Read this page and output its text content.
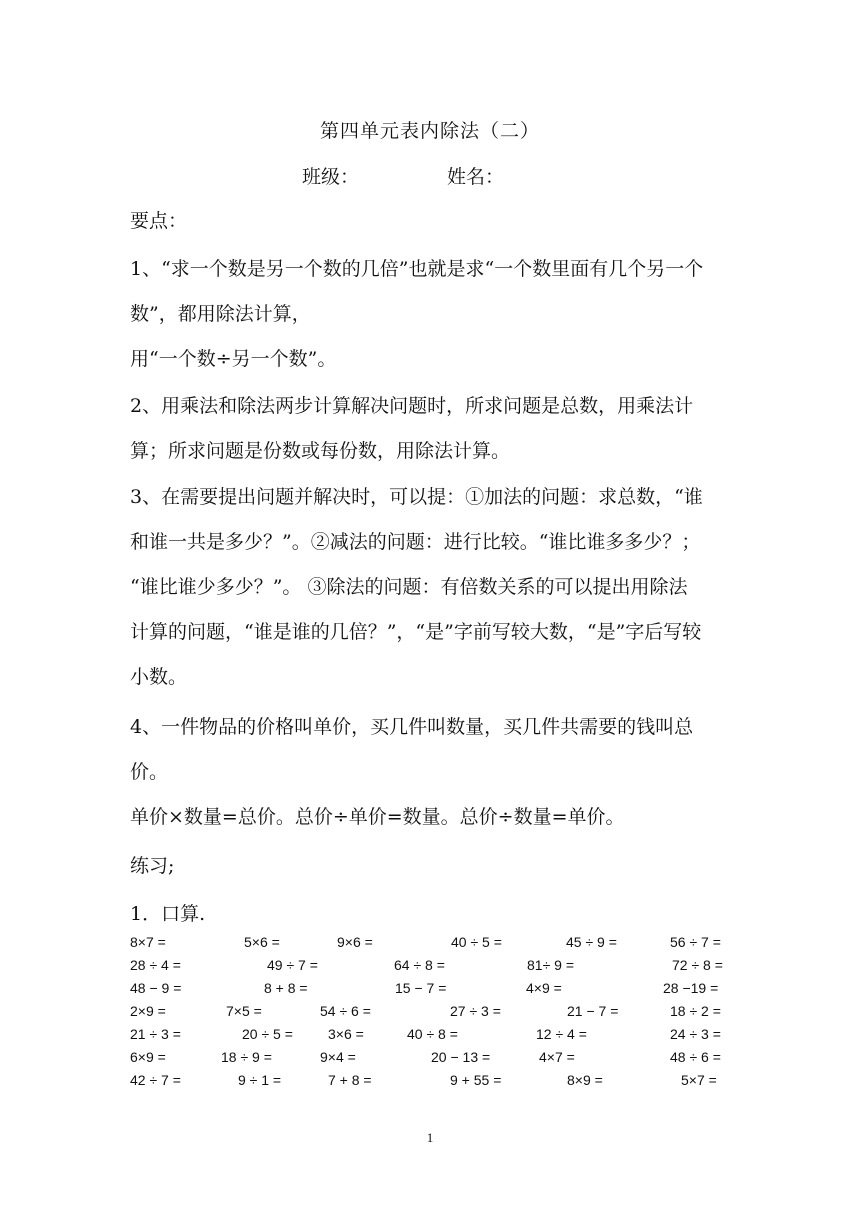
第四单元表内除法（二）
班级：	姓名：
要点：
1、“求一个数是另一个数的几倍”也就是求“一个数里面有几个另一个
数”，都用除法计算，
用“一个数÷另一个数”。
2、用乘法和除法两步计算解决问题时，所求问题是总数，用乘法计
算；所求问题是份数或每份数，用除法计算。
3、在需要提出问题并解决时，可以提：①加法的问题：求总数，“谁
和谁一共是多少？”。②减法的问题：进行比较。“谁比谁多多少？；
“谁比谁少多少？”。 ③除法的问题：有倍数关系的可以提出用除法
计算的问题，“谁是谁的几倍？”，“是”字前写较大数，“是”字后写较
小数。
4、一件物品的价格叫单价，买几件叫数量，买几件共需要的钱叫总
价。
单价×数量=总价。总价÷单价=数量。总价÷数量=单价。
练习;
1．口算.
8×7 =	5×6 =	9×6 =	40 ÷ 5 =	45 ÷ 9 =	56 ÷ 7 =
28 ÷ 4 =	49 ÷ 7 =	64 ÷ 8 =	81÷ 9 =	72 ÷ 8 =
48 − 9 =	8 + 8 =	15 − 7 =	4×9 =	28 −19 =
2×9 =	7×5 =	54 ÷ 6 =	27 ÷ 3 =	21 − 7 =	18 ÷ 2 =
21 ÷ 3 =	20 ÷ 5 =	3×6 =	40 ÷ 8 =	12 ÷ 4 =	24 ÷ 3 =
6×9 =	18 ÷ 9 =	9×4 =	20 − 13 =	4×7 =	48 ÷ 6 =
42 ÷ 7 =	9 ÷ 1 =	7 + 8 =	9 + 55 =	8×9 =	5×7 =
1
